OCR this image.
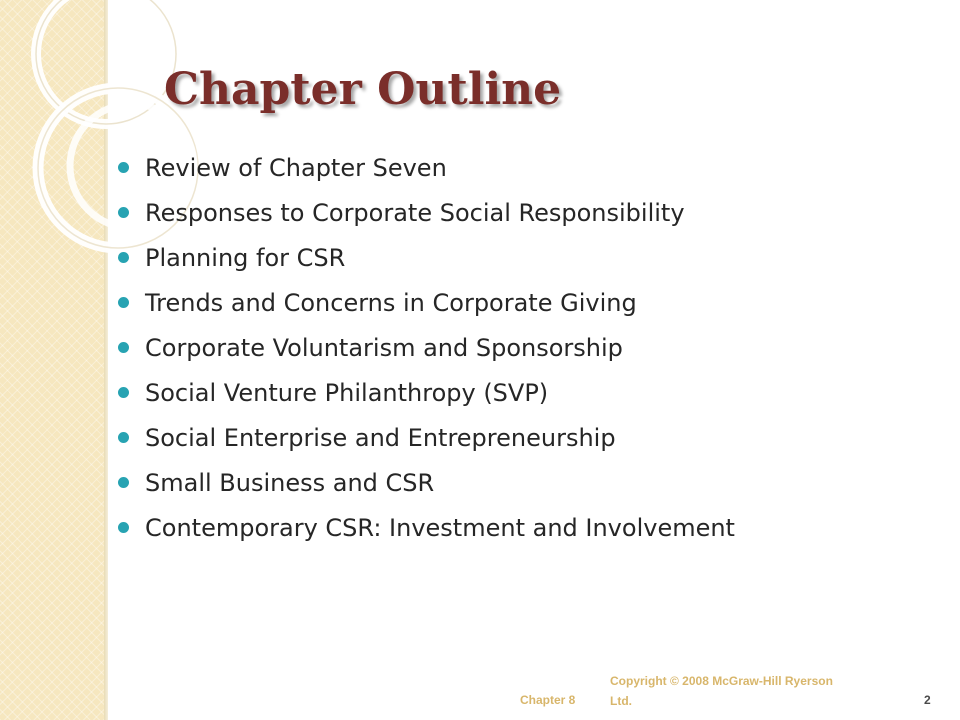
Chapter Outline
Review of Chapter Seven
Responses to Corporate Social Responsibility
Planning for CSR
Trends and Concerns in Corporate Giving
Corporate Voluntarism and Sponsorship
Social Venture Philanthropy (SVP)
Social Enterprise and Entrepreneurship
Small Business and CSR
Contemporary CSR: Investment and Involvement
Chapter 8
Copyright © 2008 McGraw-Hill Ryerson Ltd.	2
